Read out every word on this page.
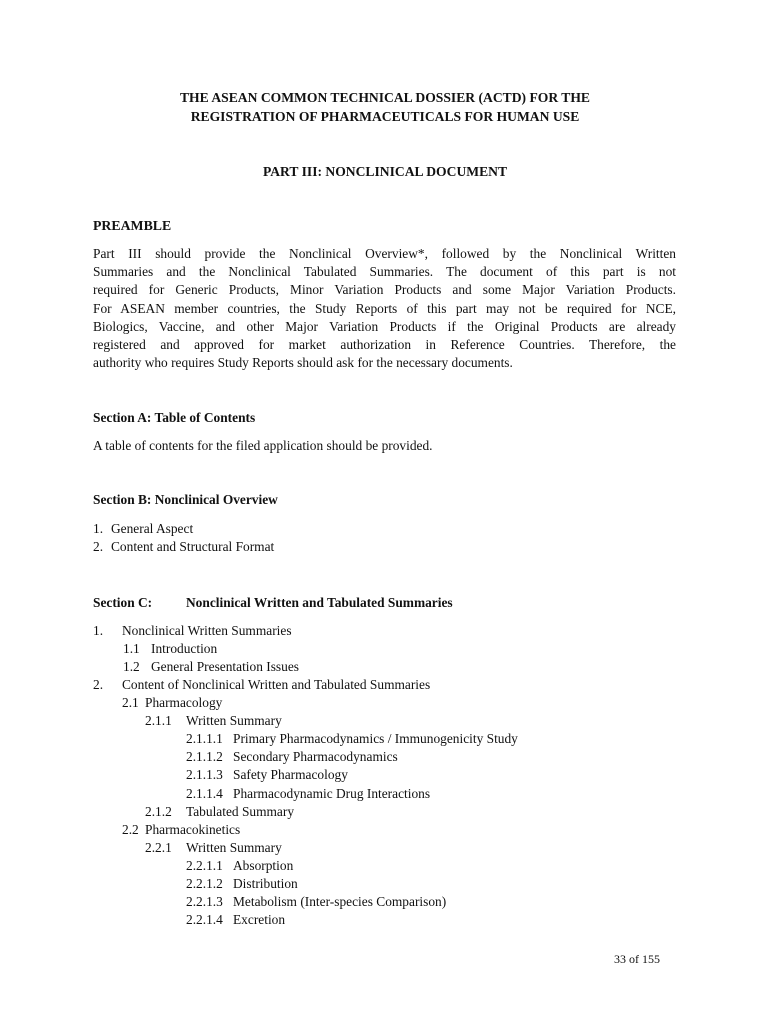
THE ASEAN COMMON TECHNICAL DOSSIER (ACTD) FOR THE
REGISTRATION OF PHARMACEUTICALS FOR HUMAN USE
PART III: NONCLINICAL DOCUMENT
PREAMBLE
Part III should provide the Nonclinical Overview*, followed by the Nonclinical Written
Summaries and the Nonclinical Tabulated Summaries. The document of this part is not
required for Generic Products, Minor Variation Products and some Major Variation Products.
For ASEAN member countries, the Study Reports of this part may not be required for NCE,
Biologics, Vaccine, and other Major Variation Products if the Original Products are already
registered and approved for market authorization in Reference Countries. Therefore, the
authority who requires Study Reports should ask for the necessary documents.
Section A: Table of Contents
A table of contents for the filed application should be provided.
Section B: Nonclinical Overview
1. General Aspect
2. Content and Structural Format
Section C:	Nonclinical Written and Tabulated Summaries
1. Nonclinical Written Summaries
1.1 Introduction
1.2 General Presentation Issues
2. Content of Nonclinical Written and Tabulated Summaries
2.1 Pharmacology
2.1.1 Written Summary
2.1.1.1 Primary Pharmacodynamics / Immunogenicity Study
2.1.1.2 Secondary Pharmacodynamics
2.1.1.3 Safety Pharmacology
2.1.1.4 Pharmacodynamic Drug Interactions
2.1.2 Tabulated Summary
2.2 Pharmacokinetics
2.2.1 Written Summary
2.2.1.1 Absorption
2.2.1.2 Distribution
2.2.1.3 Metabolism (Inter-species Comparison)
2.2.1.4 Excretion
33 of 155
